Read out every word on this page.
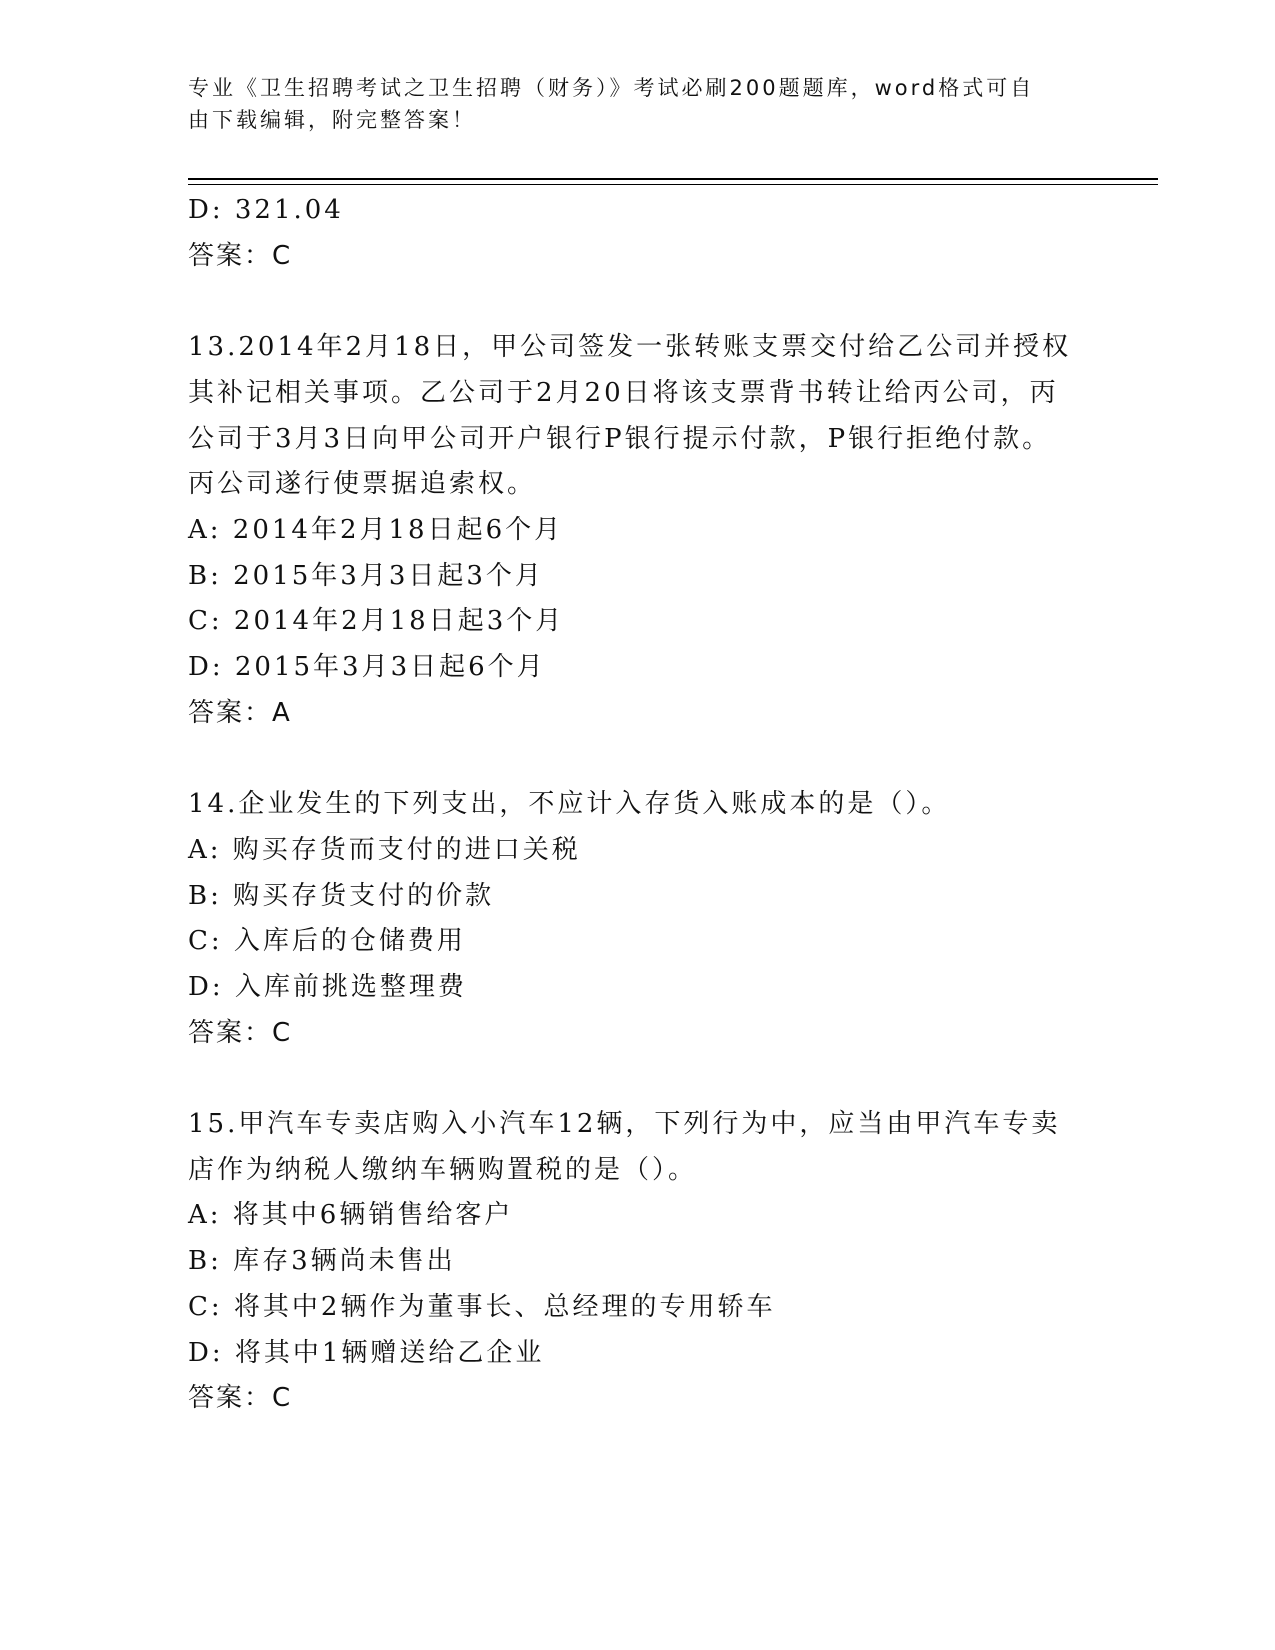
专业《卫生招聘考试之卫生招聘（财务）》考试必刷200题题库，word格式可自
由下载编辑，附完整答案！

D: 321.04

答案：C

13.2014年2月18日，甲公司签发一张转账支票交付给乙公司并授权

其补记相关事项。乙公司于2月20日将该支票背书转让给丙公司，丙

公司于3月3日向甲公司开户银行P银行提示付款，P银行拒绝付款。

丙公司遂行使票据追索权。

A: 2014年2月18日起6个月

B: 2015年3月3日起3个月

C: 2014年2月18日起3个月

D: 2015年3月3日起6个月

答案：A

14.企业发生的下列支出，不应计入存货入账成本的是（）。

A: 购买存货而支付的进口关税

B: 购买存货支付的价款

C: 入库后的仓储费用

D: 入库前挑选整理费

答案：C

15.甲汽车专卖店购入小汽车12辆，下列行为中，应当由甲汽车专卖

店作为纳税人缴纳车辆购置税的是（）。

A: 将其中6辆销售给客户

B: 库存3辆尚未售出

C: 将其中2辆作为董事长、总经理的专用轿车

D: 将其中1辆赠送给乙企业

答案：C
